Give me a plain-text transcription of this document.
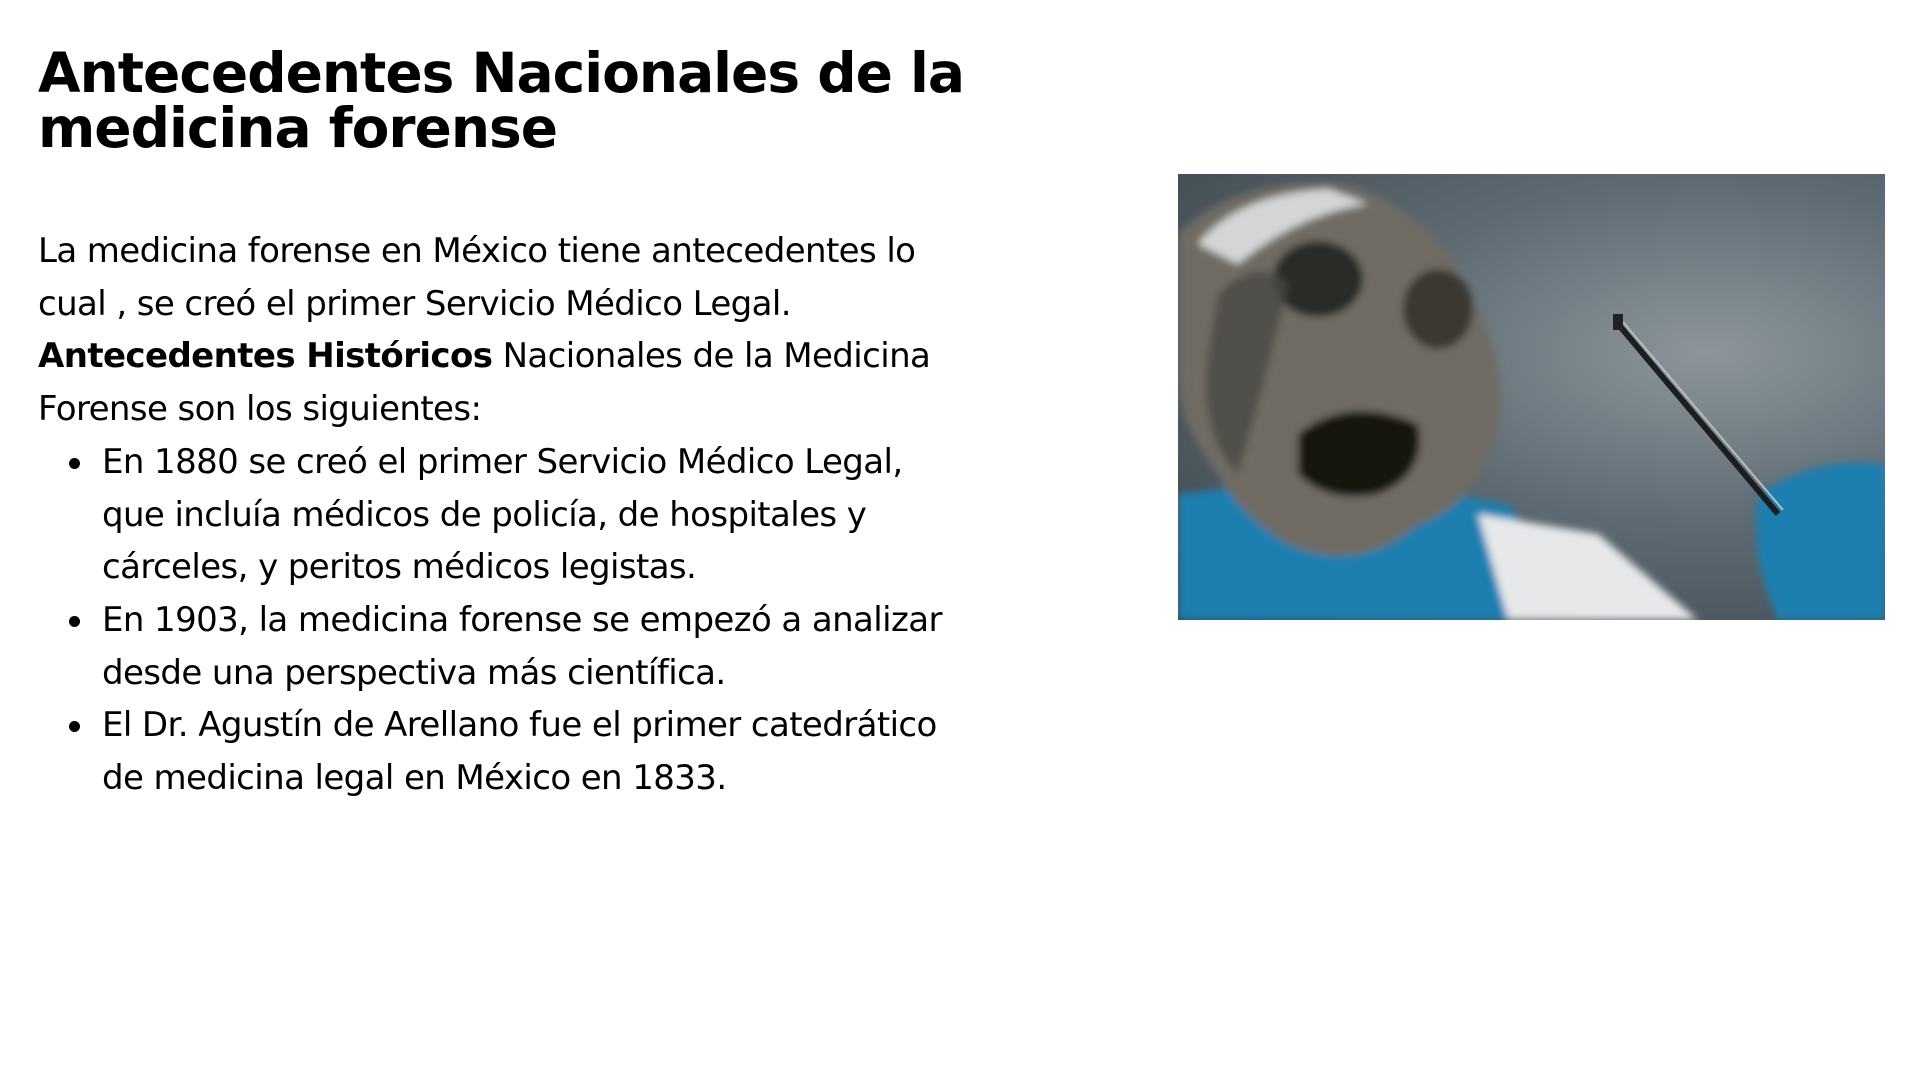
Antecedentes Nacionales de la
medicina forense
La medicina forense en México tiene antecedentes lo
cual , se creó el primer Servicio Médico Legal.
Antecedentes Históricos Nacionales de la Medicina
Forense son los siguientes:
En 1880 se creó el primer Servicio Médico Legal,
que incluía médicos de policía, de hospitales y
cárceles, y peritos médicos legistas.
En 1903, la medicina forense se empezó a analizar
desde una perspectiva más científica.
El Dr. Agustín de Arellano fue el primer catedrático
de medicina legal en México en 1833.
